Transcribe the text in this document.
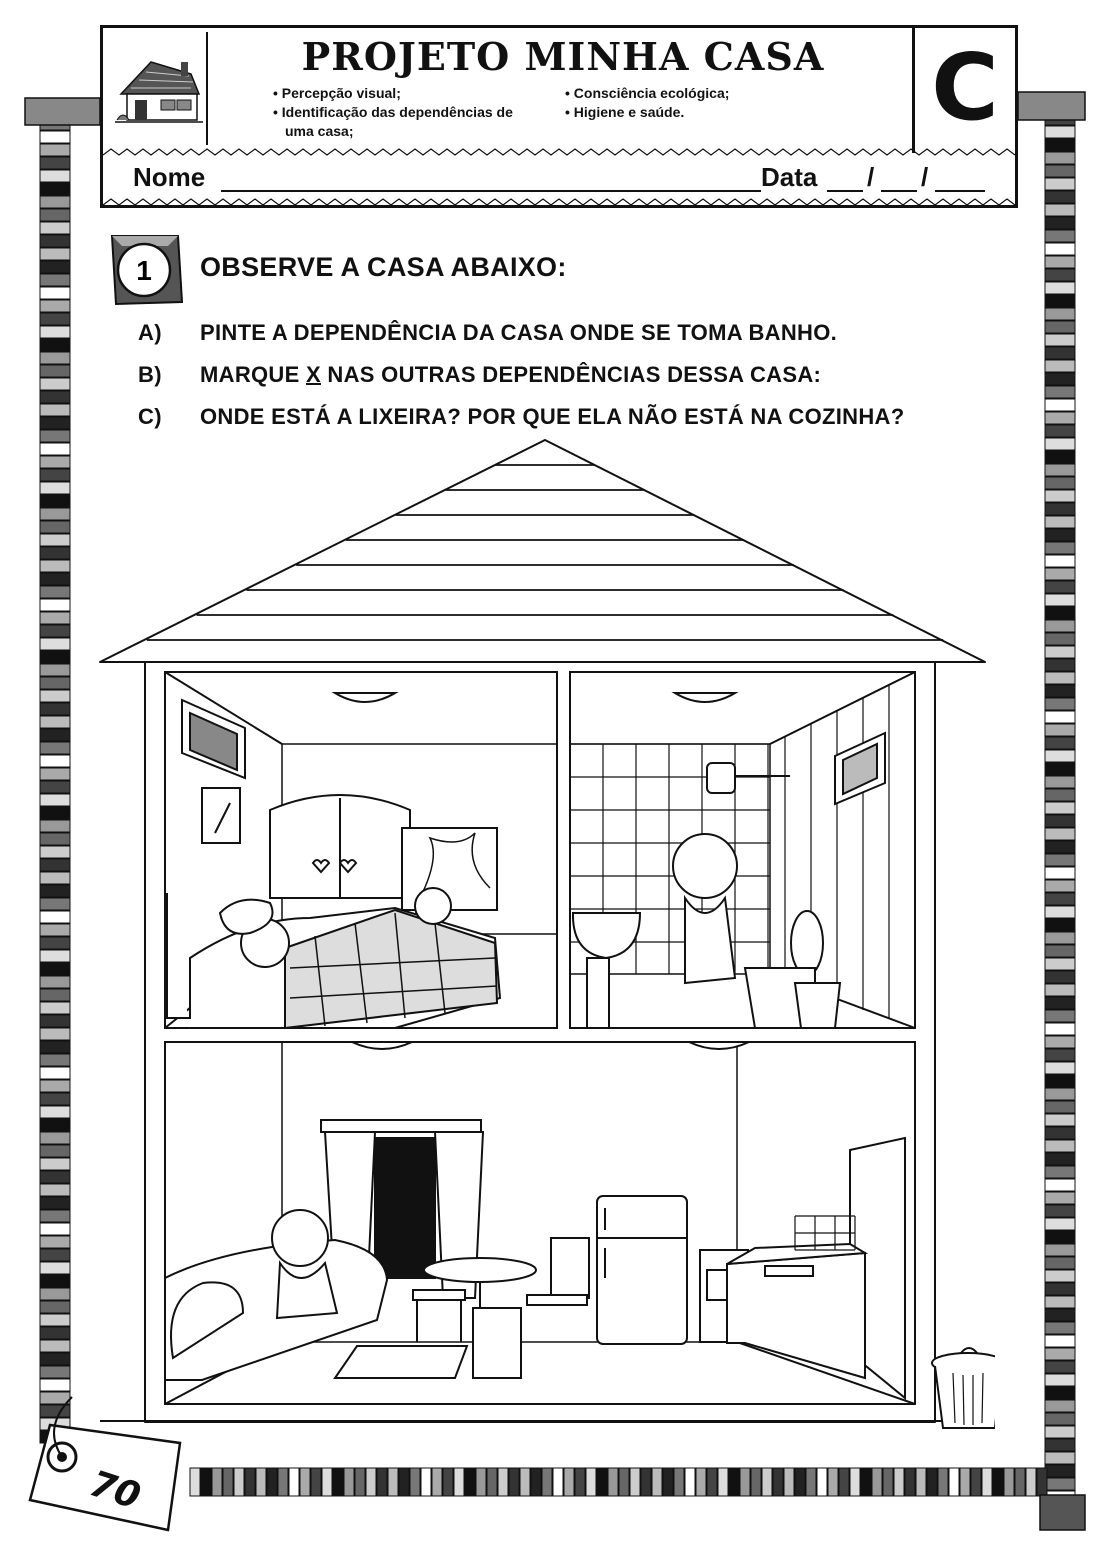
PROJETO MINHA CASA
• Percepção visual;
• Identificação das dependências de
uma casa;
• Consciência ecológica;
• Higiene e saúde.	C
Nome	Data / /
1 OBSERVE A CASA ABAIXO:
A) PINTE A DEPENDÊNCIA DA CASA ONDE SE TOMA BANHO.
B) MARQUE X NAS OUTRAS DEPENDÊNCIAS DESSA CASA:
C) ONDE ESTÁ A LIXEIRA? POR QUE ELA NÃO ESTÁ NA COZINHA?
70
